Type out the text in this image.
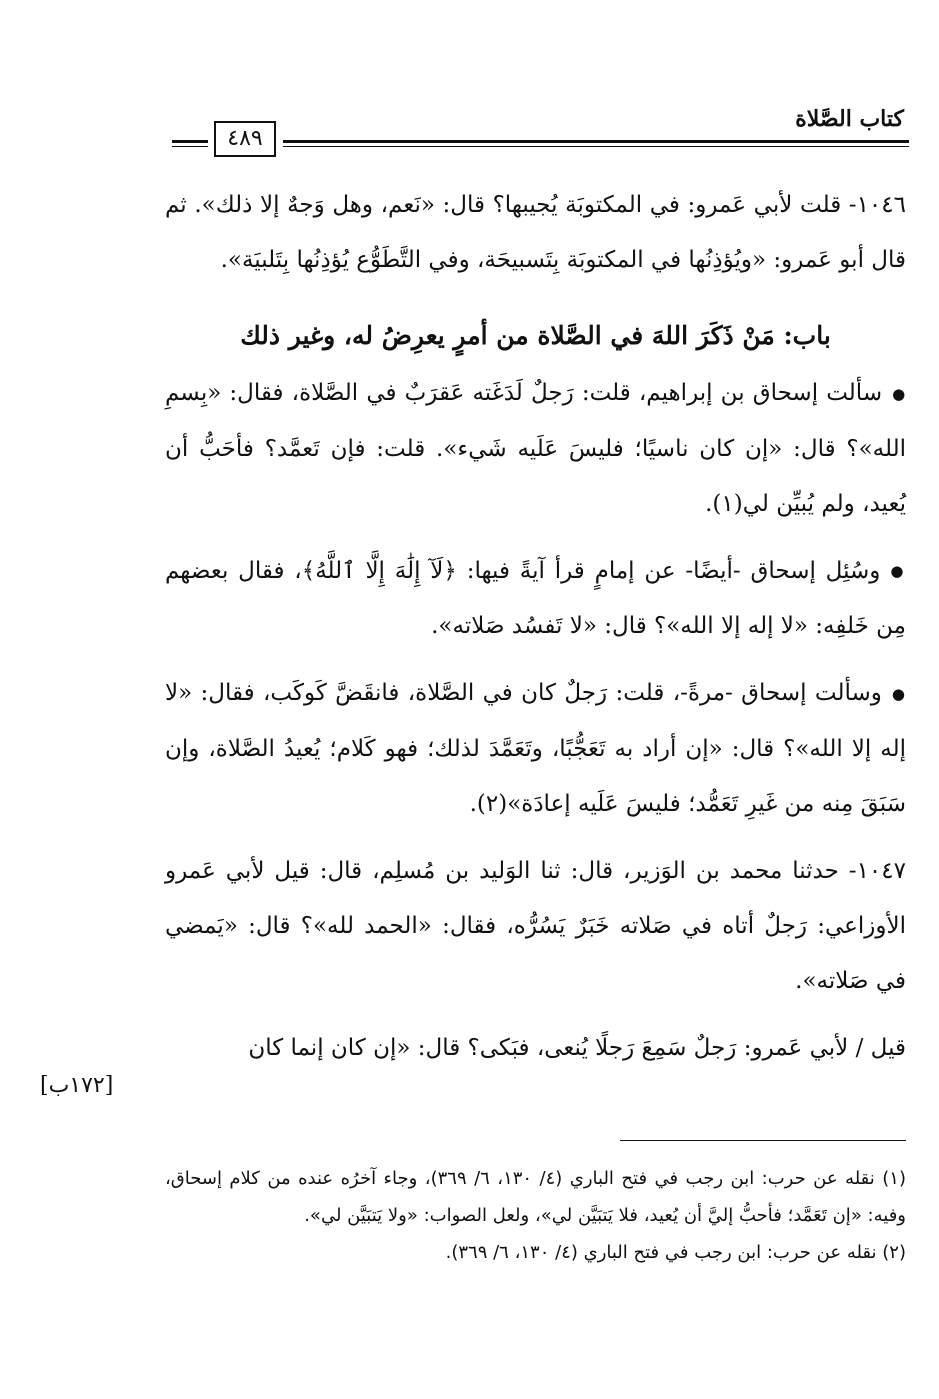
كتاب الصَّلاة
٤٨٩

١٠٤٦- قلت لأبي عَمرو: في المكتوبَة يُجيبها؟ قال: «نَعم، وهل وَجهٌ إلا ذلك». ثم قال أبو عَمرو: «ويُؤذِنُها في المكتوبَة بِتَسبيحَة، وفي التَّطَوُّع يُؤذِنُها بِتَلبيَة».

باب: مَنْ ذَكَرَ اللهَ في الصَّلاة من أمرٍ يعرِضُ له، وغير ذلك

● سألت إسحاق بن إبراهيم، قلت: رَجلٌ لَدَغَته عَقرَبٌ في الصَّلاة، فقال: «بِسمِ الله»؟ قال: «إن كان ناسيًا؛ فليسَ عَلَيه شَيء». قلت: فإن تَعمَّد؟ فأحَبُّ أن يُعيد، ولم يُبيِّن لي(١).

● وسُئِل إسحاق -أيضًا- عن إمامٍ قرأ آيةً فيها: ﴿لَآ إِلَٰهَ إِلَّا ٱللَّهُ﴾، فقال بعضهم مِن خَلفِه: «لا إله إلا الله»؟ قال: «لا تَفسُد صَلاته».

● وسألت إسحاق -مرةً-، قلت: رَجلٌ كان في الصَّلاة، فانقَضَّ كَوكَب، فقال: «لا إله إلا الله»؟ قال: «إن أراد به تَعَجُّبًا، وتَعَمَّدَ لذلك؛ فهو كَلام؛ يُعيدُ الصَّلاة، وإن سَبَقَ مِنه من غَيرِ تَعَمُّد؛ فليسَ عَلَيه إعادَة»(٢).

١٠٤٧- حدثنا محمد بن الوَزير، قال: ثنا الوَليد بن مُسلِم، قال: قيل لأبي عَمرو الأوزاعي: رَجلٌ أتاه في صَلاته خَبَرٌ يَسُرُّه، فقال: «الحمد لله»؟ قال: «يَمضي في صَلاته».

قيل / لأبي عَمرو: رَجلٌ سَمِعَ رَجلًا يُنعى، فبَكى؟ قال: «إن كان إنما كان

[١٧٢ب]

(١) نقله عن حرب: ابن رجب في فتح الباري (٤/ ١٣٠، ٦/ ٣٦٩)، وجاء آخرُه عنده من كلام إسحاق، وفيه: «إن تَعَمَّد؛ فأحبُّ إليَّ أن يُعيد، فلا يَتبَيَّن لي»، ولعل الصواب: «ولا يَتبَيَّن لي».

(٢) نقله عن حرب: ابن رجب في فتح الباري (٤/ ١٣٠، ٦/ ٣٦٩).
